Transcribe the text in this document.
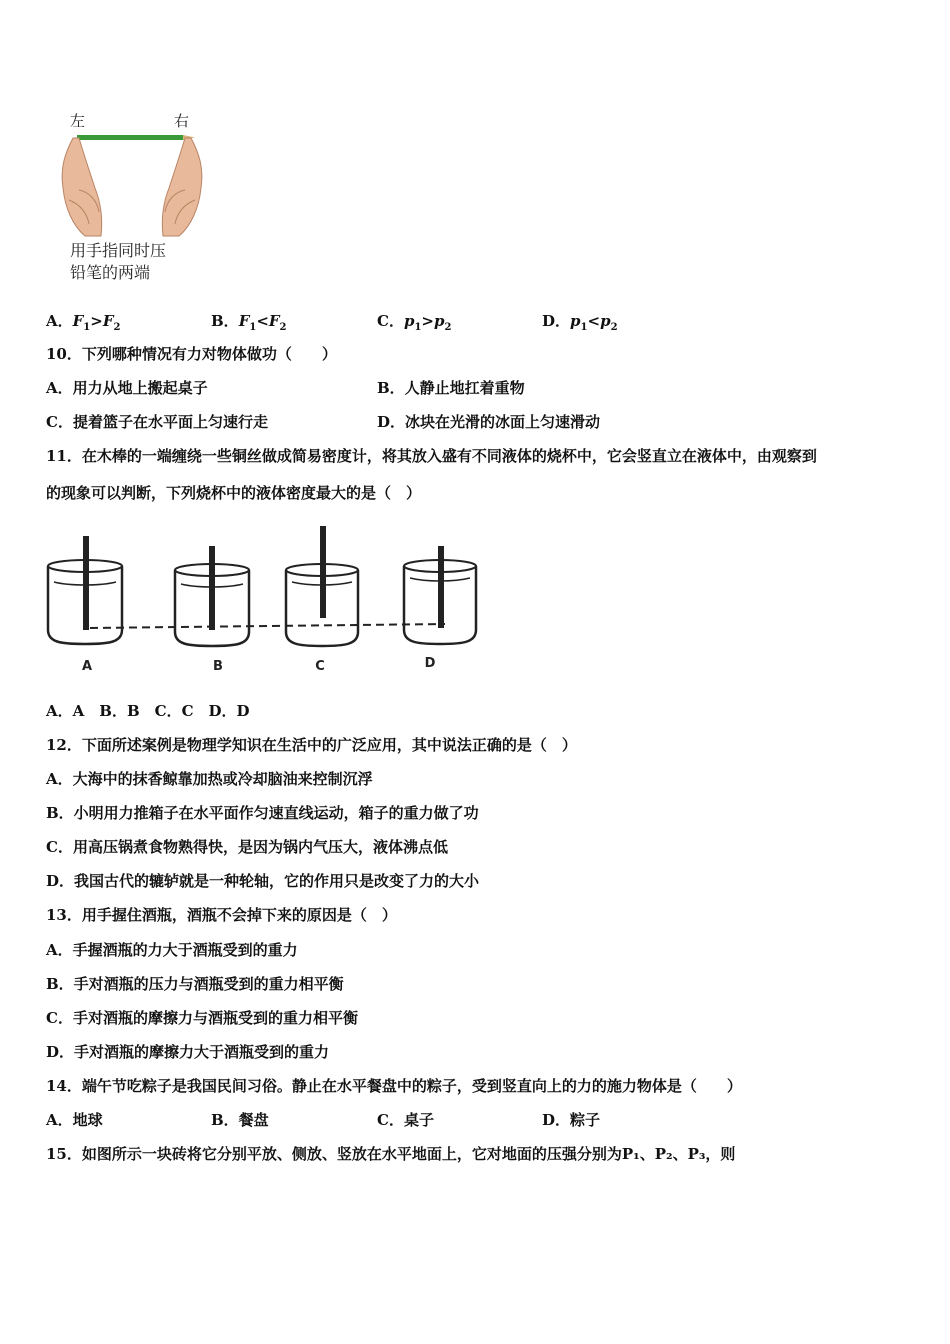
左	右
用手指同时压
铅笔的两端
A．$F_1>F_2$	B．$F_1<F_2$	C．$p_1>p_2$	D．$p_1<p_2$
10．下列哪种情况有力对物体做功（　　）
A．用力从地上搬起桌子	B．人静止地扛着重物
C．提着篮子在水平面上匀速行走	D．冰块在光滑的冰面上匀速滑动
11．在木棒的一端缠绕一些铜丝做成简易密度计，将其放入盛有不同液体的烧杯中，它会竖直立在液体中，由观察到
的现象可以判断，下列烧杯中的液体密度最大的是（　）
A	B	C	D
A．A　B．B　C．C　D．D
12．下面所述案例是物理学知识在生活中的广泛应用，其中说法正确的是（　）
A．大海中的抹香鲸靠加热或冷却脑油来控制沉浮
B．小明用力推箱子在水平面作匀速直线运动，箱子的重力做了功
C．用高压锅煮食物熟得快，是因为锅内气压大，液体沸点低
D．我国古代的辘轳就是一种轮轴，它的作用只是改变了力的大小
13．用手握住酒瓶，酒瓶不会掉下来的原因是（　）
A．手握酒瓶的力大于酒瓶受到的重力
B．手对酒瓶的压力与酒瓶受到的重力相平衡
C．手对酒瓶的摩擦力与酒瓶受到的重力相平衡
D．手对酒瓶的摩擦力大于酒瓶受到的重力
14．端午节吃粽子是我国民间习俗。静止在水平餐盘中的粽子，受到竖直向上的力的施力物体是（　　）
A．地球	B．餐盘	C．桌子	D．粽子
15．如图所示一块砖将它分别平放、侧放、竖放在水平地面上，它对地面的压强分别为P₁、P₂、P₃，则
